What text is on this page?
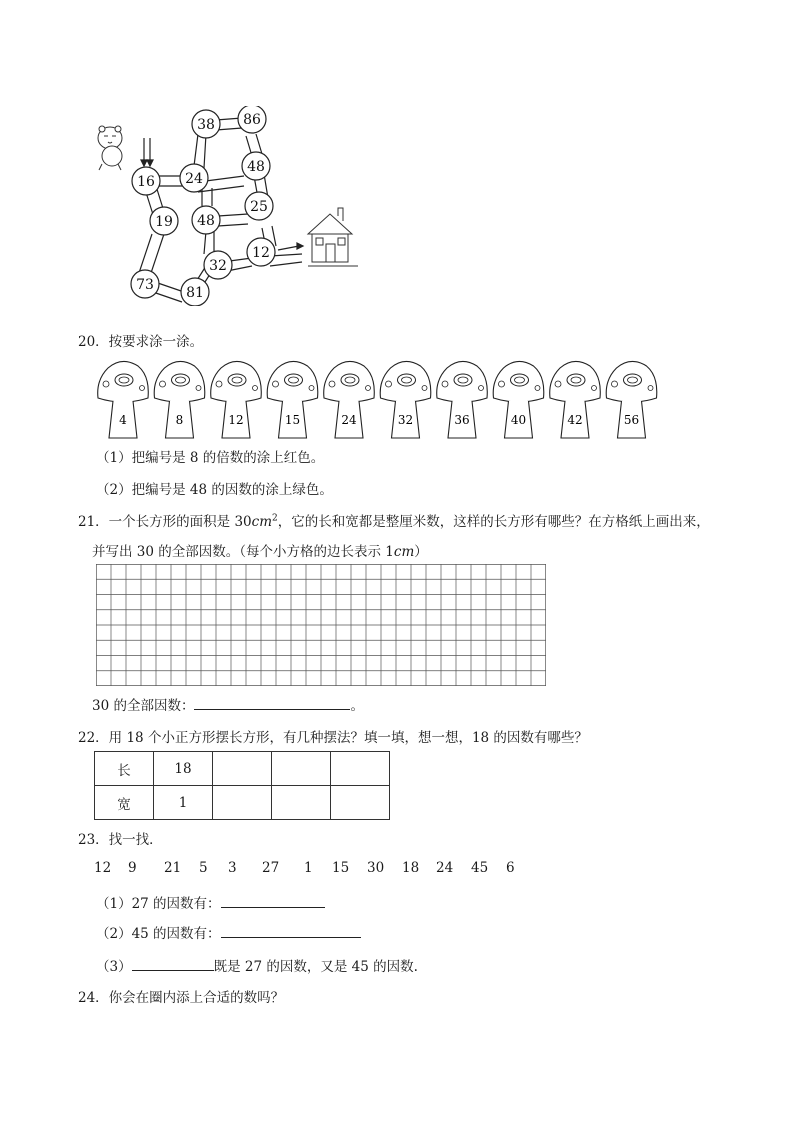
38 86
16 24
48
19 48
25
12
32
73 81
20．按要求涂一涂。
4	8	12	15	24	32	36	40	42	56
（1）把编号是 8 的倍数的涂上红色。
（2）把编号是 48 的因数的涂上绿色。
21．一个长方形的面积是 $30cm^2$，它的长和宽都是整厘米数，这样的长方形有哪些？在方格纸上画出来，
并写出 30 的全部因数。（每个小方格的边长表示 1cm）
30 的全部因数：	。
22．用 18 个小正方形摆长方形，有几种摆法？填一填，想一想，18 的因数有哪些？
长	18			
宽	1			
23．找一找．
12 9 21 5 3 27 1 15 30 18 24 45 6
（1）27 的因数有：
（2）45 的因数有：
（3）	既是 27 的因数，又是 45 的因数.
24．你会在圈内添上合适的数吗？
